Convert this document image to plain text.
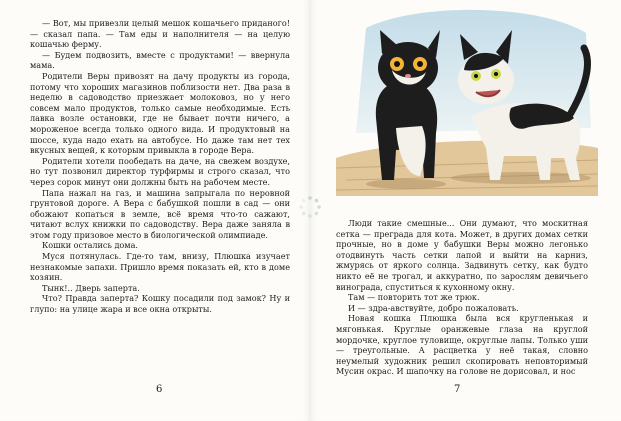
— Вот, мы привезли целый мешок кошачьего приданого! — сказал папа. — Там еды и наполнителя — на целую кошачью ферму.

— Будем подвозить, вместе с продуктами! — ввернула мама.

Родители Веры привозят на дачу продукты из города, потому что хороших магазинов поблизости нет. Два раза в неделю в садоводство приезжает молоковоз, но у него совсем мало продуктов, только самые необходимые. Есть лавка возле остановки, где не бывает почти ничего, а мороженое всегда только одного вида. И продуктовый на шоссе, куда надо ехать на автобусе. Но даже там нет тех вкусных вещей, к которым привыкла в городе Вера.

Родители хотели пообедать на даче, на свежем воздухе, но тут позвонил директор турфирмы и строго сказал, что через сорок минут они должны быть на рабочем месте.

Папа нажал на газ, и машина запрыгала по неровной грунтовой дороге. А Вера с бабушкой пошли в сад — они обожают копаться в земле, всё время что-то сажают, читают вслух книжки по садоводству. Вера даже заняла в этом году призовое место в биологической олимпиаде.

Кошки остались дома.

Муся потянулась. Где-то там, внизу, Плюшка изучает незнакомые запахи. Пришло время показать ей, кто в доме хозяин.

Тынк!.. Дверь заперта.

Что? Правда заперта? Кошку посадили под замок? Ну и глупо: на улице жара и все окна открыты.

6

Люди такие смешные... Они думают, что москитная сетка — преграда для кота. Может, в других домах сетки прочные, но в доме у бабушки Веры можно легонько отодвинуть часть сетки лапой и выйти на карниз, жмурясь от яркого солнца. Задвинуть сетку, как будто никто её не трогал, и аккуратно, по зарослям девичьего винограда, спуститься к кухонному окну.

Там — повторить тот же трюк.

И — здра-авствуйте, добро пожаловать.

Новая кошка Плюшка была вся кругленькая и мягонькая. Круглые оранжевые глаза на круглой мордочке, круглое туловище, округлые лапы. Только уши — треугольные. А расцветка у неё такая, словно неумелый художник решил скопировать неповторимый Мусин окрас. И шапочку на голове не дорисовал, и нос

7
